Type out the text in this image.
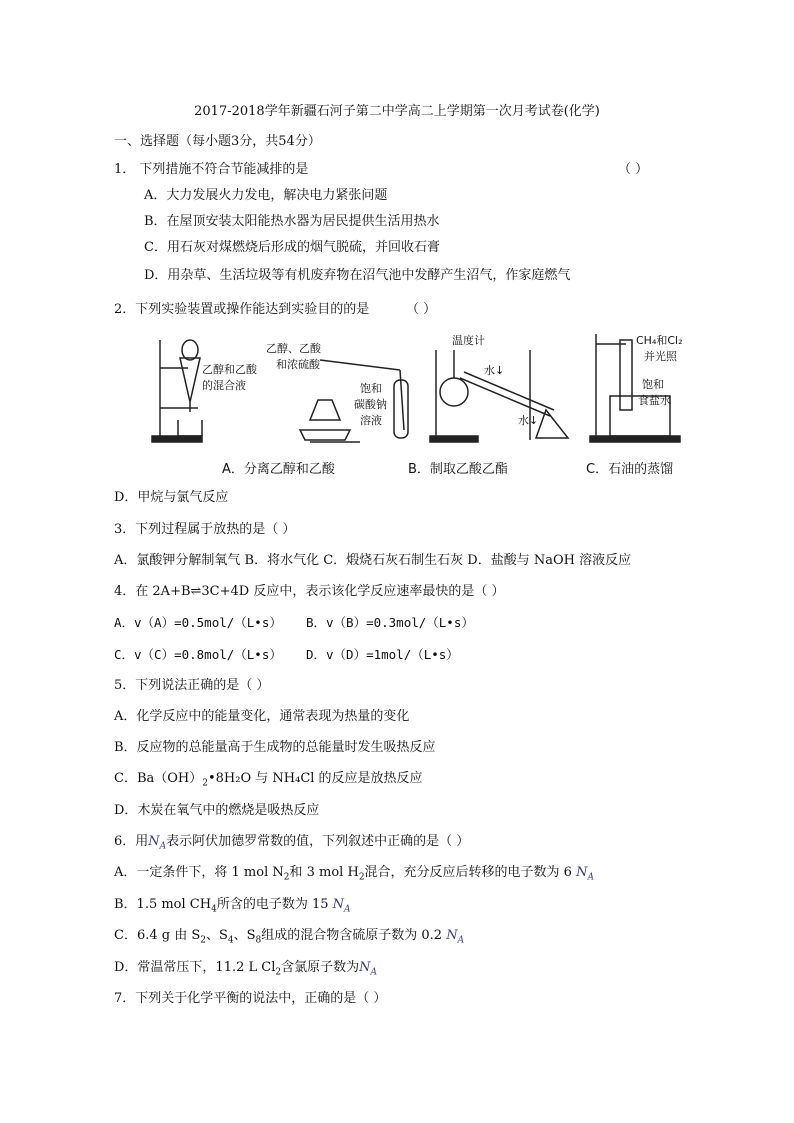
2017-2018学年新疆石河子第二中学高二上学期第一次月考试卷(化学)
一、选择题（每小题3分，共54分）
1． 下列措施不符合节能减排的是	（ ）
A．大力发展火力发电，解决电力紧张问题
B．在屋顶安装太阳能热水器为居民提供生活用热水
C．用石灰对煤燃烧后形成的烟气脱硫，并回收石膏
D．用杂草、生活垃圾等有机废弃物在沼气池中发酵产生沼气，作家庭燃气
2．下列实验装置或操作能达到实验目的的是	（ ）
乙醇和乙酸
的混合液
乙醇、乙酸
和浓硫酸
饱和
碳酸钠
溶液
温度计
水↓
水↓
CH₄和Cl₂
并光照
饱和
食盐水
A．分离乙醇和乙酸	B．制取乙酸乙酯	C．石油的蒸馏
D．甲烷与氯气反应
3．下列过程属于放热的是（ ）
A．氯酸钾分解制氧气 B．将水气化 C．煅烧石灰石制生石灰 D．盐酸与 NaOH 溶液反应
4．在 2A+B⇌3C+4D 反应中，表示该化学反应速率最快的是（ ）
A．v（A）=0.5mol/（L•s） B．v（B）=0.3mol/（L•s）
C．v（C）=0.8mol/（L•s） D．v（D）=1mol/（L•s）
5．下列说法正确的是（ ）
A．化学反应中的能量变化，通常表现为热量的变化
B．反应物的总能量高于生成物的总能量时发生吸热反应
C．$Ba(OH)_2•8H_2O$ 与 NH₄Cl 的反应是放热反应
D．木炭在氧气中的燃烧是吸热反应
6．用$N_A$表示阿伏加德罗常数的值，下列叙述中正确的是（ ）
A．一定条件下，将 1 mol $N_2$和 3 mol $H_2$混合，充分反应后转移的电子数为 6 $N_A$
B．1.5 mol $CH_4$所含的电子数为 15 $N_A$
C．6.4 g 由 $S_2$、$S_4$、$S_8$组成的混合物含硫原子数为 0.2 $N_A$
D．常温常压下，11.2 L $Cl_2$含氯原子数为$N_A$
7．下列关于化学平衡的说法中，正确的是（ ）
